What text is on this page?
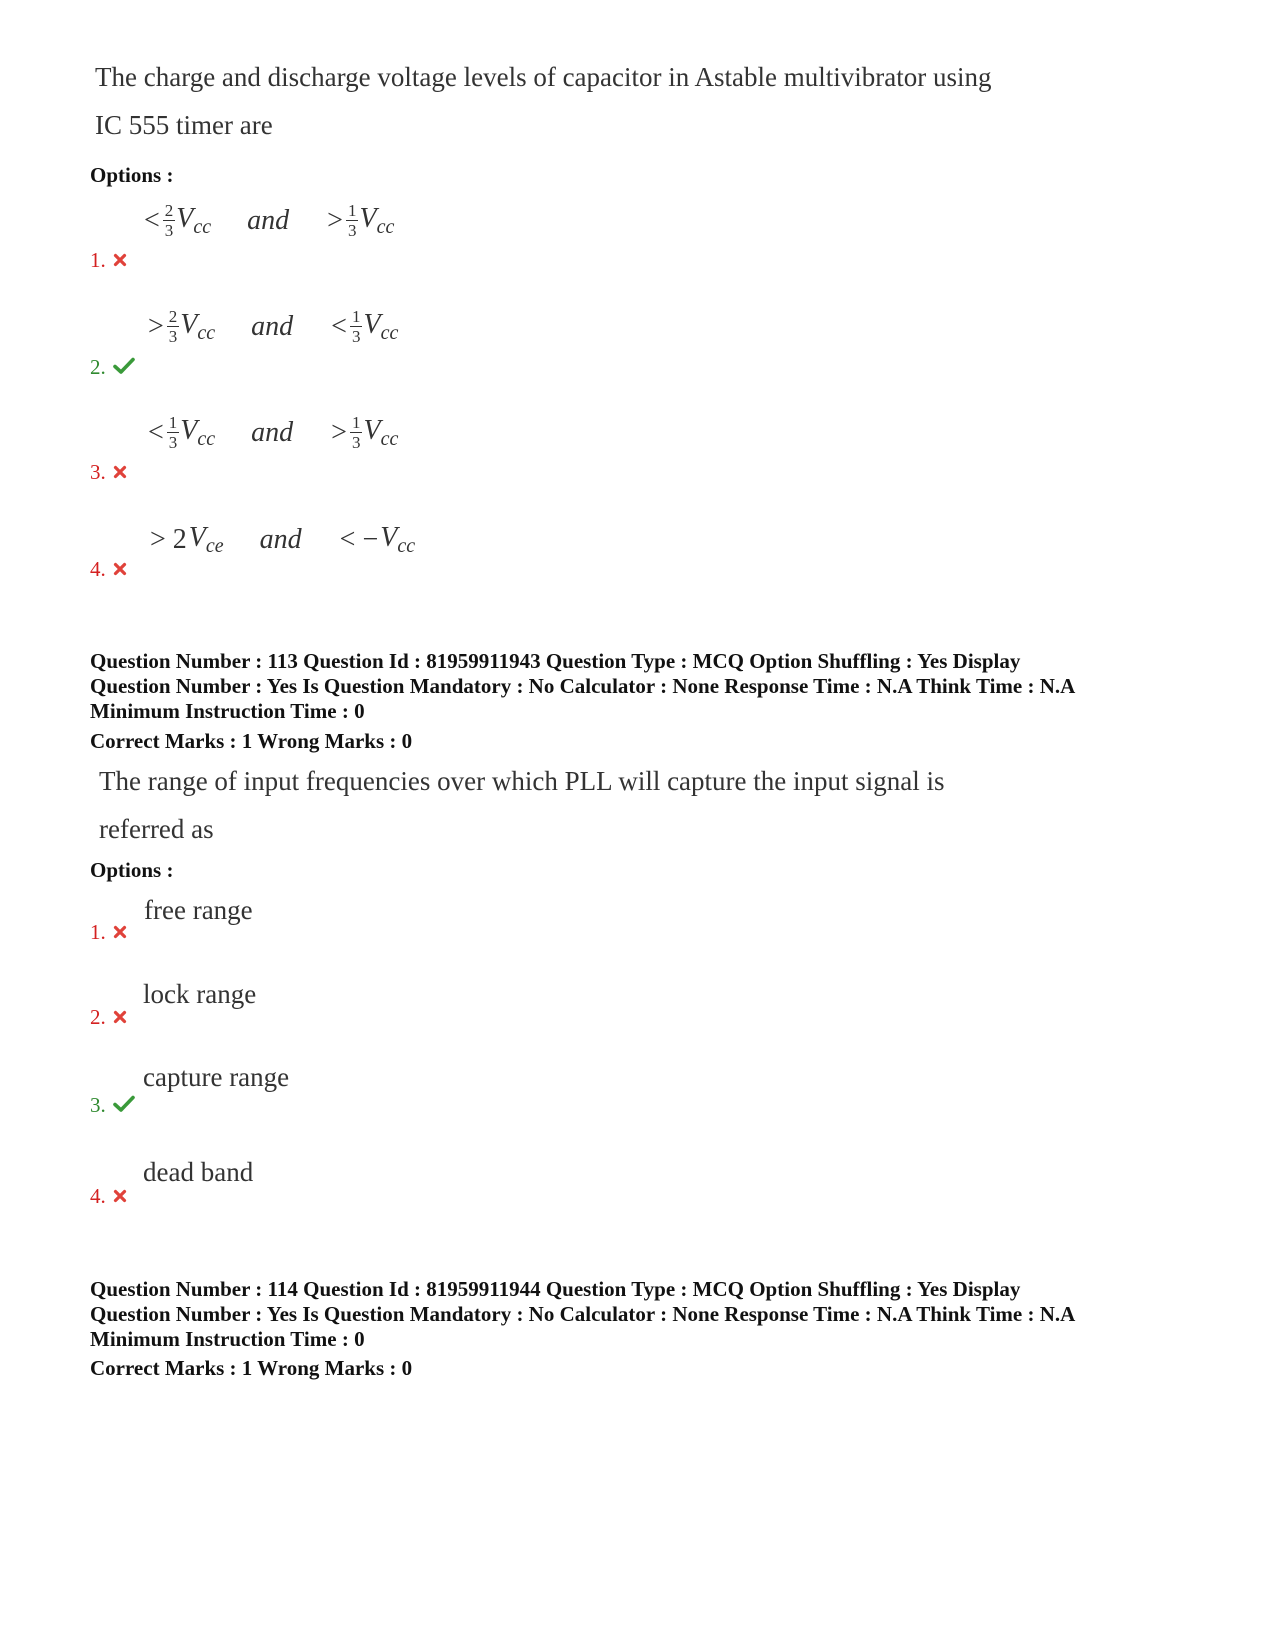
The charge and discharge voltage levels of capacitor in Astable multivibrator using
IC 555 timer are
Options :
< $\frac{2}{3} V_{cc}$ and > $\frac{1}{3} V_{cc}$
1.
> $\frac{2}{3} V_{cc}$ and < $\frac{1}{3} V_{cc}$
2.
< $\frac{1}{3} V_{cc}$ and > $\frac{1}{3} V_{cc}$
3.
> 2 $V_{ce}$ and < − $V_{cc}$
4.
Question Number : 113 Question Id : 81959911943 Question Type : MCQ Option Shuffling : Yes Display
Question Number : Yes Is Question Mandatory : No Calculator : None Response Time : N.A Think Time : N.A
Minimum Instruction Time : 0
Correct Marks : 1 Wrong Marks : 0
The range of input frequencies over which PLL will capture the input signal is
referred as
Options :
free range
1.
lock range
2.
capture range
3.
dead band
4.
Question Number : 114 Question Id : 81959911944 Question Type : MCQ Option Shuffling : Yes Display
Question Number : Yes Is Question Mandatory : No Calculator : None Response Time : N.A Think Time : N.A
Minimum Instruction Time : 0
Correct Marks : 1 Wrong Marks : 0
